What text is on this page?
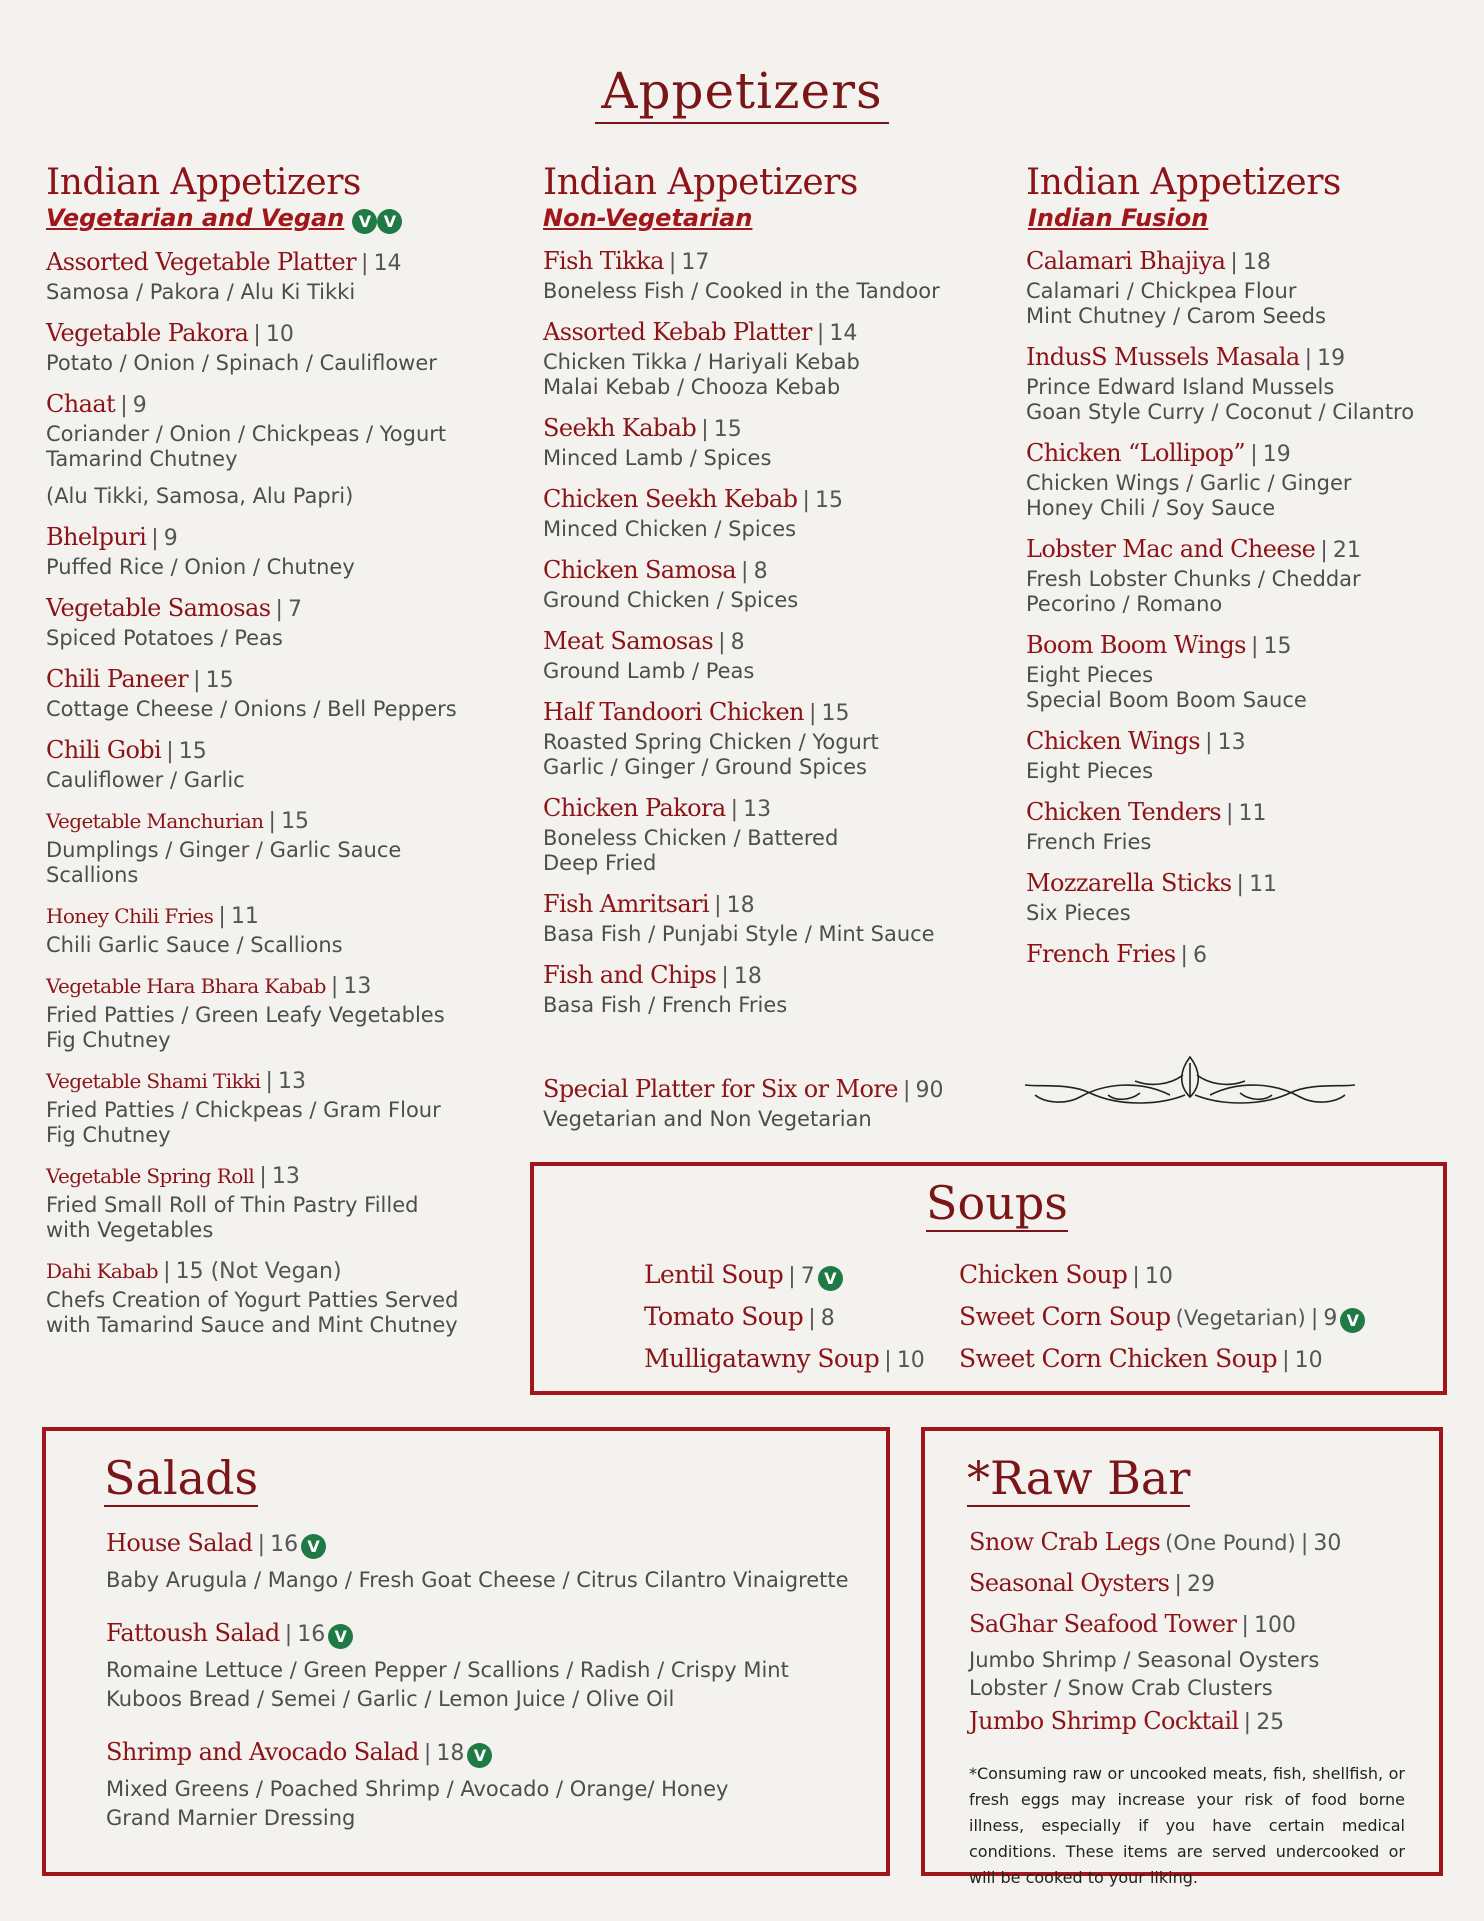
Appetizers
Indian Appetizers
Vegetarian and Vegan V V
Assorted Vegetable Platter | 14
Samosa / Pakora / Alu Ki Tikki
Vegetable Pakora | 10
Potato / Onion / Spinach / Cauliflower
Chaat | 9
Coriander / Onion / Chickpeas / Yogurt
Tamarind Chutney
(Alu Tikki, Samosa, Alu Papri)
Bhelpuri | 9
Puffed Rice / Onion / Chutney
Vegetable Samosas | 7
Spiced Potatoes / Peas
Chili Paneer | 15
Cottage Cheese / Onions / Bell Peppers
Chili Gobi | 15
Cauliflower / Garlic
Vegetable Manchurian | 15
Dumplings / Ginger / Garlic Sauce
Scallions
Honey Chili Fries | 11
Chili Garlic Sauce / Scallions
Vegetable Hara Bhara Kabab | 13
Fried Patties / Green Leafy Vegetables
Fig Chutney
Vegetable Shami Tikki | 13
Fried Patties / Chickpeas / Gram Flour
Fig Chutney
Vegetable Spring Roll | 13
Fried Small Roll of Thin Pastry Filled
with Vegetables
Dahi Kabab | 15 (Not Vegan)
Chefs Creation of Yogurt Patties Served
with Tamarind Sauce and Mint Chutney
Indian Appetizers
Non-Vegetarian
Fish Tikka | 17
Boneless Fish / Cooked in the Tandoor
Assorted Kebab Platter | 14
Chicken Tikka / Hariyali Kebab
Malai Kebab / Chooza Kebab
Seekh Kabab | 15
Minced Lamb / Spices
Chicken Seekh Kebab | 15
Minced Chicken / Spices
Chicken Samosa | 8
Ground Chicken / Spices
Meat Samosas | 8
Ground Lamb / Peas
Half Tandoori Chicken | 15
Roasted Spring Chicken / Yogurt
Garlic / Ginger / Ground Spices
Chicken Pakora | 13
Boneless Chicken / Battered
Deep Fried
Fish Amritsari | 18
Basa Fish / Punjabi Style / Mint Sauce
Fish and Chips | 18
Basa Fish / French Fries
Special Platter for Six or More | 90
Vegetarian and Non Vegetarian
Indian Appetizers
Indian Fusion
Calamari Bhajiya | 18
Calamari / Chickpea Flour
Mint Chutney / Carom Seeds
IndusS Mussels Masala | 19
Prince Edward Island Mussels
Goan Style Curry / Coconut / Cilantro
Chicken “Lollipop” | 19
Chicken Wings / Garlic / Ginger
Honey Chili / Soy Sauce
Lobster Mac and Cheese | 21
Fresh Lobster Chunks / Cheddar
Pecorino / Romano
Boom Boom Wings | 15
Eight Pieces
Special Boom Boom Sauce
Chicken Wings | 13
Eight Pieces
Chicken Tenders | 11
French Fries
Mozzarella Sticks | 11
Six Pieces
French Fries | 6
Soups
Lentil Soup | 7 V
Tomato Soup | 8
Mulligatawny Soup | 10
Chicken Soup | 10
Sweet Corn Soup (Vegetarian) | 9 V
Sweet Corn Chicken Soup | 10
Salads
House Salad | 16 V
Baby Arugula / Mango / Fresh Goat Cheese / Citrus Cilantro Vinaigrette
Fattoush Salad | 16 V
Romaine Lettuce / Green Pepper / Scallions / Radish / Crispy Mint
Kuboos Bread / Semei / Garlic / Lemon Juice / Olive Oil
Shrimp and Avocado Salad | 18 V
Mixed Greens / Poached Shrimp / Avocado / Orange/ Honey
Grand Marnier Dressing
*Raw Bar
Snow Crab Legs (One Pound) | 30
Seasonal Oysters | 29
SaGhar Seafood Tower | 100
Jumbo Shrimp / Seasonal Oysters
Lobster / Snow Crab Clusters
Jumbo Shrimp Cocktail | 25
*Consuming raw or uncooked meats, fish, shellfish, or fresh eggs may increase your risk of food borne illness, especially if you have certain medical conditions. These items are served undercooked or will be cooked to your liking.
